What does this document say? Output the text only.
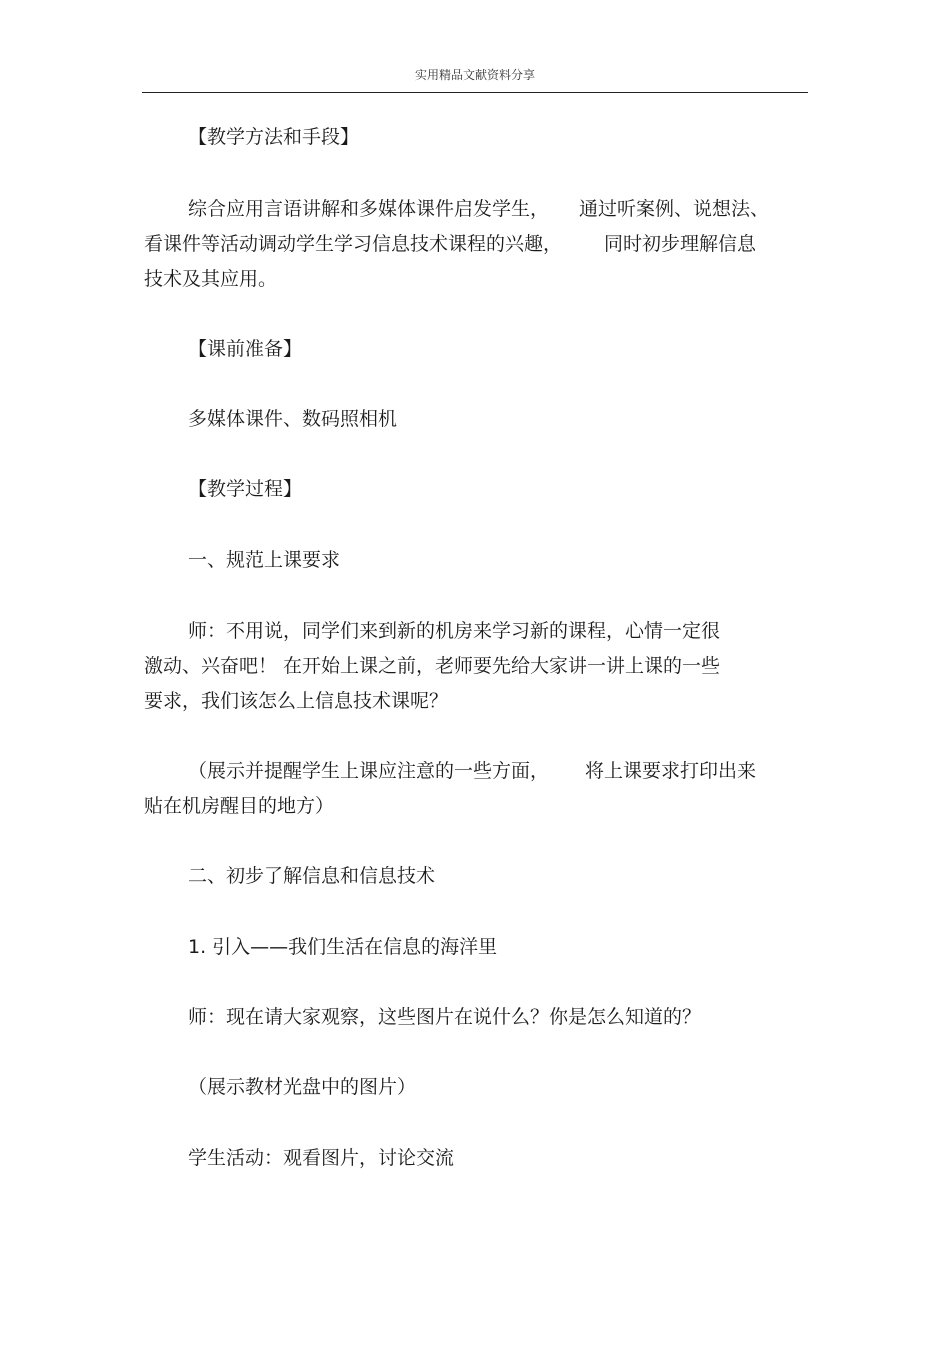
实用精品文献资料分享
【教学方法和手段】
综合应用言语讲解和多媒体课件启发学生， 通过听案例、说想法、
看课件等活动调动学生学习信息技术课程的兴趣， 同时初步理解信息
技术及其应用。
【课前准备】
多媒体课件、数码照相机
【教学过程】
一、规范上课要求
师：不用说，同学们来到新的机房来学习新的课程，心情一定很
激动、兴奋吧！ 在开始上课之前，老师要先给大家讲一讲上课的一些
要求，我们该怎么上信息技术课呢？
（展示并提醒学生上课应注意的一些方面， 将上课要求打印出来
贴在机房醒目的地方）
二、初步了解信息和信息技术
1. 引入——我们生活在信息的海洋里
师：现在请大家观察，这些图片在说什么？你是怎么知道的？
（展示教材光盘中的图片）
学生活动：观看图片，讨论交流
